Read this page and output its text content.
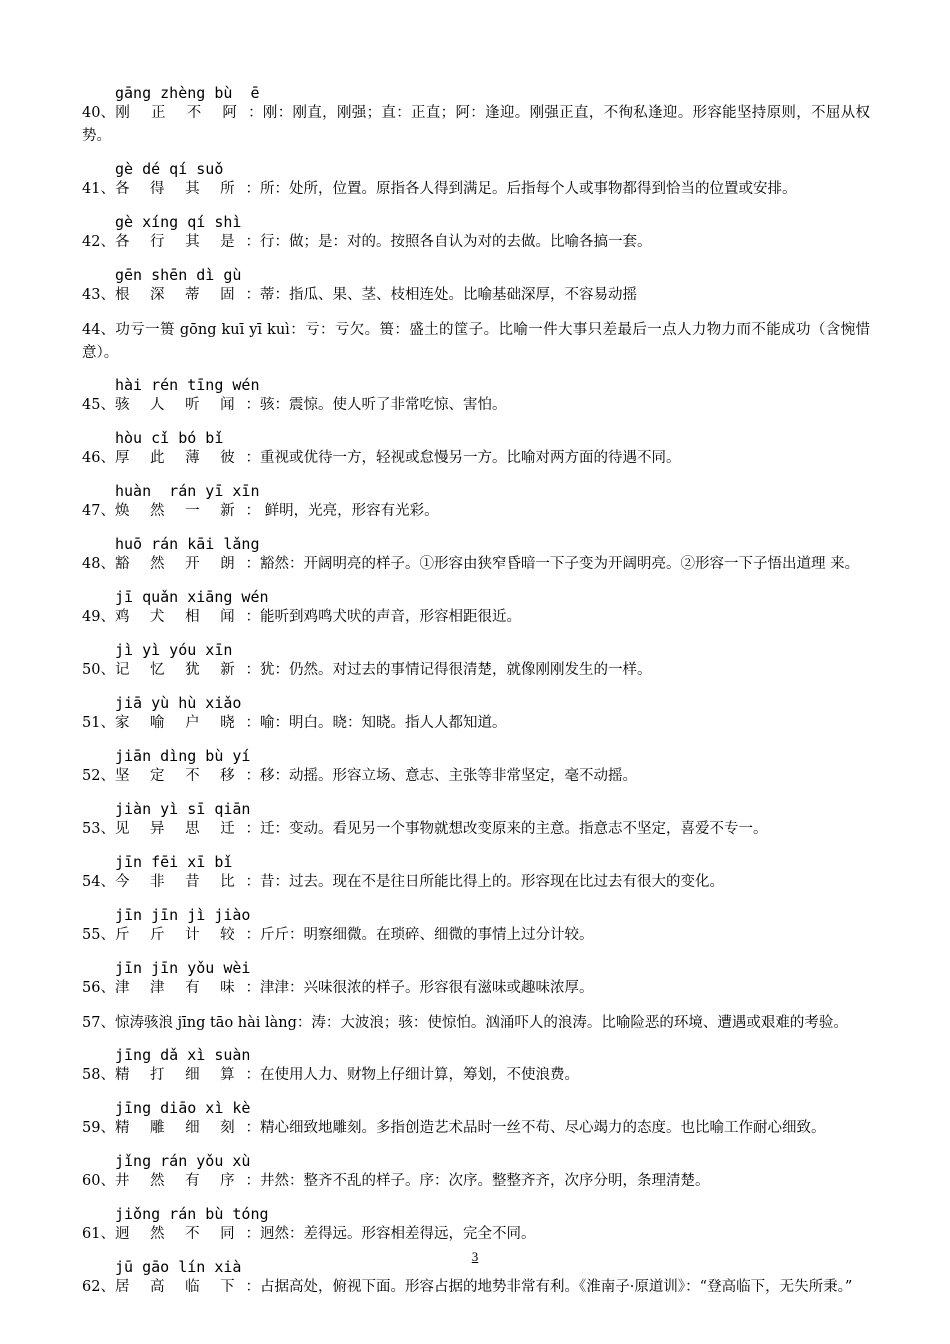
gāng zhèng bù  ē
40、刚 正 不 阿 ：刚：刚直，刚强；直：正直；阿：逢迎。刚强正直，不徇私逢迎。形容能坚持原则，不屈从权势。
gè dé qí suǒ
41、各 得 其 所 ：所：处所，位置。原指各人得到满足。后指每个人或事物都得到恰当的位置或安排。
gè xíng qí shì
42、各 行 其 是 ：行：做；是：对的。按照各自认为对的去做。比喻各搞一套。
gēn shēn dì gù
43、根 深 蒂 固 ：蒂：指瓜、果、茎、枝相连处。比喻基础深厚，不容易动摇
44、功亏一篑 gōng kuī yī kuì：亏：亏欠。篑：盛土的筐子。比喻一件大事只差最后一点人力物力而不能成功（含惋惜意）。
hài rén tīng wén
45、骇 人 听 闻 ：骇：震惊。使人听了非常吃惊、害怕。
hòu cǐ bó bǐ
46、厚 此 薄 彼 ：重视或优待一方，轻视或怠慢另一方。比喻对两方面的待遇不同。
huàn  rán yī xīn
47、焕 然 一 新 ： 鲜明，光亮，形容有光彩。
huō rán kāi lǎng
48、豁 然 开 朗 ：豁然：开阔明亮的样子。①形容由狭窄昏暗一下子变为开阔明亮。②形容一下子悟出道理 来。
jī quǎn xiāng wén
49、鸡 犬 相 闻 ：能听到鸡鸣犬吠的声音，形容相距很近。
jì yì yóu xīn
50、记 忆 犹 新 ：犹：仍然。对过去的事情记得很清楚，就像刚刚发生的一样。
jiā yù hù xiǎo
51、家 喻 户 晓 ：喻：明白。晓：知晓。指人人都知道。
jiān dìng bù yí
52、坚 定 不 移 ：移：动摇。形容立场、意志、主张等非常坚定，毫不动摇。
jiàn yì sī qiān
53、见 异 思 迁 ：迁：变动。看见另一个事物就想改变原来的主意。指意志不坚定，喜爱不专一。
jīn fēi xī bǐ
54、今 非 昔 比 ：昔：过去。现在不是往日所能比得上的。形容现在比过去有很大的变化。
jīn jīn jì jiào
55、斤 斤 计 较 ：斤斤：明察细微。在琐碎、细微的事情上过分计较。
jīn jīn yǒu wèi
56、津 津 有 味 ：津津：兴味很浓的样子。形容很有滋味或趣味浓厚。
57、惊涛骇浪 jīng tāo hài làng：涛：大波浪；骇：使惊怕。汹涌吓人的浪涛。比喻险恶的环境、遭遇或艰难的考验。
jīng dǎ xì suàn
58、精 打 细 算 ：在使用人力、财物上仔细计算，筹划，不使浪费。
jīng diāo xì kè
59、精 雕 细 刻 ：精心细致地雕刻。多指创造艺术品时一丝不苟、尽心竭力的态度。也比喻工作耐心细致。
jǐng rán yǒu xù
60、井 然 有 序 ：井然：整齐不乱的样子。序：次序。整整齐齐，次序分明，条理清楚。
jiǒng rán bù tóng
61、迥 然 不 同 ：迥然：差得远。形容相差得远，完全不同。
jū gāo lín xià
62、居 高 临 下 ：占据高处，俯视下面。形容占据的地势非常有利。《淮南子·原道训》：“登高临下，无失所秉。”
3
